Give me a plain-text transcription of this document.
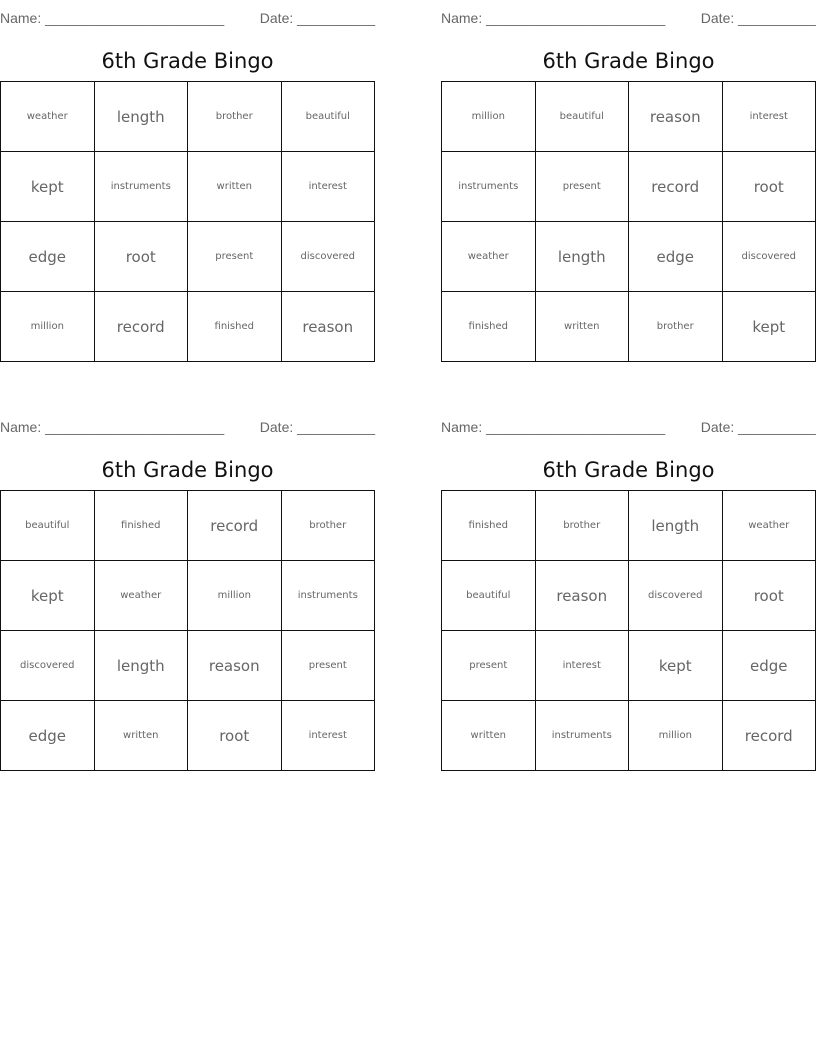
Name: _______________________	Date: __________
6th Grade Bingo
weather	length	brother	beautiful
kept	instruments	written	interest
edge	root	present	discovered
million	record	finished	reason
Name: _______________________	Date: __________
6th Grade Bingo
million	beautiful	reason	interest
instruments	present	record	root
weather	length	edge	discovered
finished	written	brother	kept
Name: _______________________	Date: __________
6th Grade Bingo
beautiful	finished	record	brother
kept	weather	million	instruments
discovered	length	reason	present
edge	written	root	interest
Name: _______________________	Date: __________
6th Grade Bingo
finished	brother	length	weather
beautiful	reason	discovered	root
present	interest	kept	edge
written	instruments	million	record
